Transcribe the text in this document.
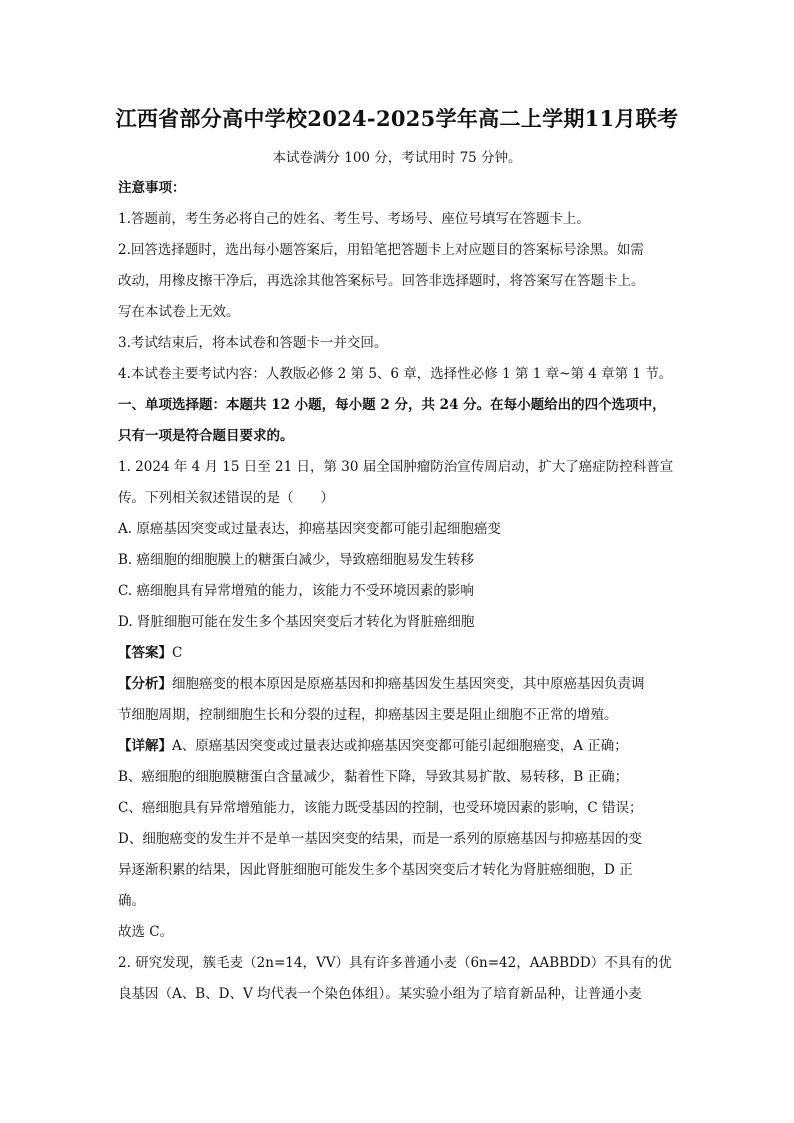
江西省部分高中学校2024-2025学年高二上学期11月联考
本试卷满分 100 分，考试用时 75 分钟。

注意事项：

1.答题前，考生务必将自己的姓名、考生号、考场号、座位号填写在答题卡上。

2.回答选择题时，选出每小题答案后，用铅笔把答题卡上对应题目的答案标号涂黑。如需

改动，用橡皮擦干净后，再选涂其他答案标号。回答非选择题时，将答案写在答题卡上。

写在本试卷上无效。

3.考试结束后，将本试卷和答题卡一并交回。

4.本试卷主要考试内容：人教版必修 2 第 5、6 章，选择性必修 1 第 1 章~第 4 章第 1 节。

一、单项选择题：本题共 12 小题，每小题 2 分，共 24 分。在每小题给出的四个选项中，

只有一项是符合题目要求的。

1. 2024 年 4 月 15 日至 21 日，第 30 届全国肿瘤防治宣传周启动，扩大了癌症防控科普宣

传。下列相关叙述错误的是（　　）

A. 原癌基因突变或过量表达，抑癌基因突变都可能引起细胞癌变

B. 癌细胞的细胞膜上的糖蛋白减少，导致癌细胞易发生转移

C. 癌细胞具有异常增殖的能力，该能力不受环境因素的影响

D. 肾脏细胞可能在发生多个基因突变后才转化为肾脏癌细胞

【答案】C

【分析】细胞癌变的根本原因是原癌基因和抑癌基因发生基因突变，其中原癌基因负责调

节细胞周期，控制细胞生长和分裂的过程，抑癌基因主要是阻止细胞不正常的增殖。

【详解】A、原癌基因突变或过量表达或抑癌基因突变都可能引起细胞癌变，A 正确；

B、癌细胞的细胞膜糖蛋白含量减少，黏着性下降，导致其易扩散、易转移，B 正确；

C、癌细胞具有异常增殖能力，该能力既受基因的控制，也受环境因素的影响，C 错误；

D、细胞癌变的发生并不是单一基因突变的结果，而是一系列的原癌基因与抑癌基因的变

异逐渐积累的结果，因此肾脏细胞可能发生多个基因突变后才转化为肾脏癌细胞，D 正

确。

故选 C。

2. 研究发现，簇毛麦（2n=14，VV）具有许多普通小麦（6n=42，AABBDD）不具有的优

良基因（A、B、D、V 均代表一个染色体组）。某实验小组为了培育新品种，让普通小麦
